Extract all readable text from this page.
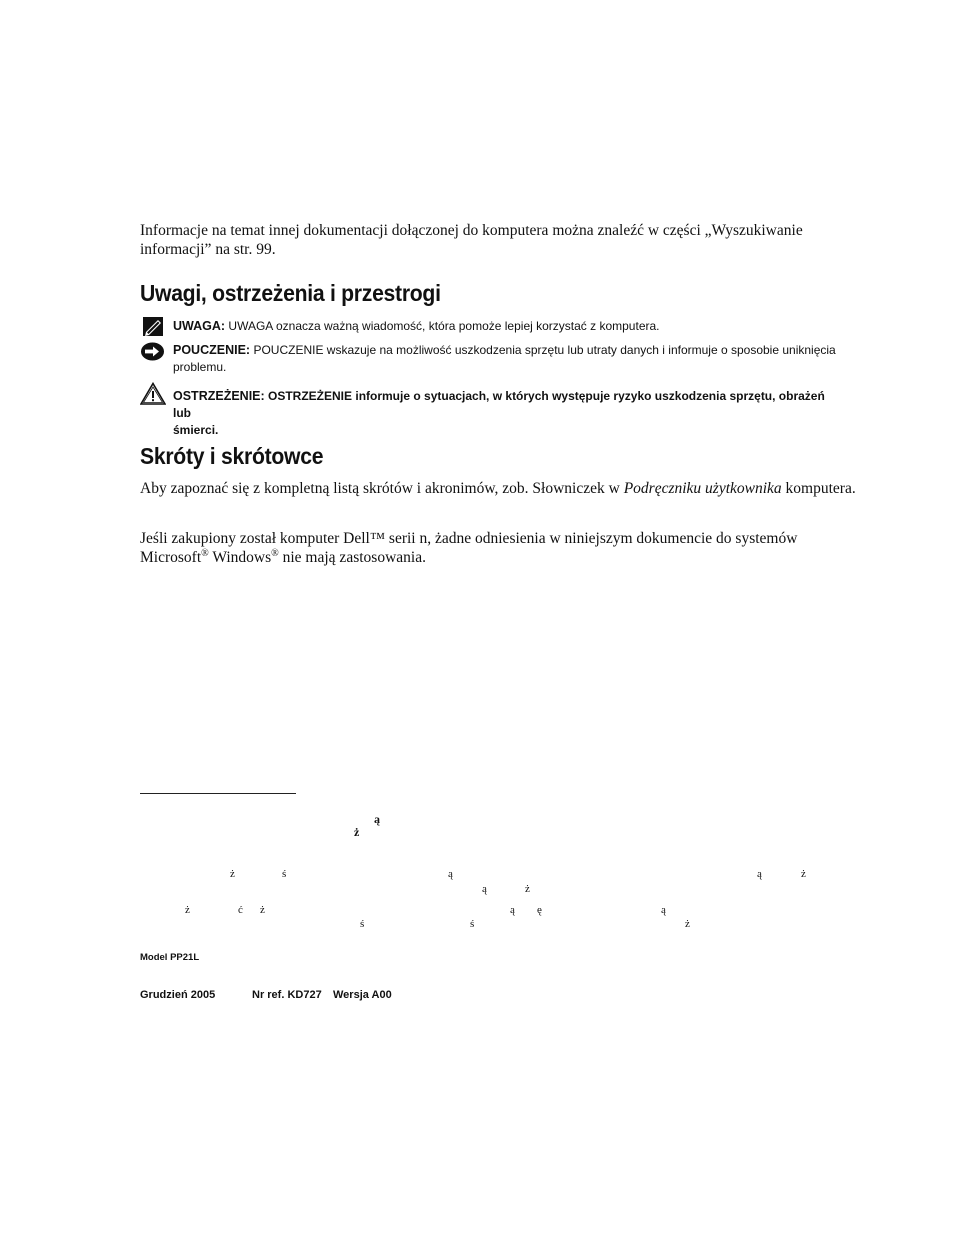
Informacje na temat innej dokumentacji dołączonej do komputera można znaleźć w części „Wyszukiwanie
informacji” na str. 99.
Uwagi, ostrzeżenia i przestrogi
UWAGA: UWAGA oznacza ważną wiadomość, która pomoże lepiej korzystać z komputera.
POUCZENIE: POUCZENIE wskazuje na możliwość uszkodzenia sprzętu lub utraty danych i informuje o sposobie uniknięcia
problemu.
OSTRZEŻENIE: OSTRZEŻENIE informuje o sytuacjach, w których występuje ryzyko uszkodzenia sprzętu, obrażeń lub
śmierci.
Skróty i skrótowce
Aby zapoznać się z kompletną listą skrótów i akronimów, zob. Słowniczek w Podręczniku użytkownika komputera.
Jeśli zakupiony został komputer Dell™ serii n, żadne odniesienia w niniejszym dokumencie do systemów
Microsoft® Windows® nie mają zastosowania.
ą
ż
ż	ś	ą	ą	ż
ą	ż
ż	ć ż	ą ę	ą
ś	ś	ż
Model PP21L
Grudzień 2005	Nr ref. KD727 Wersja A00
